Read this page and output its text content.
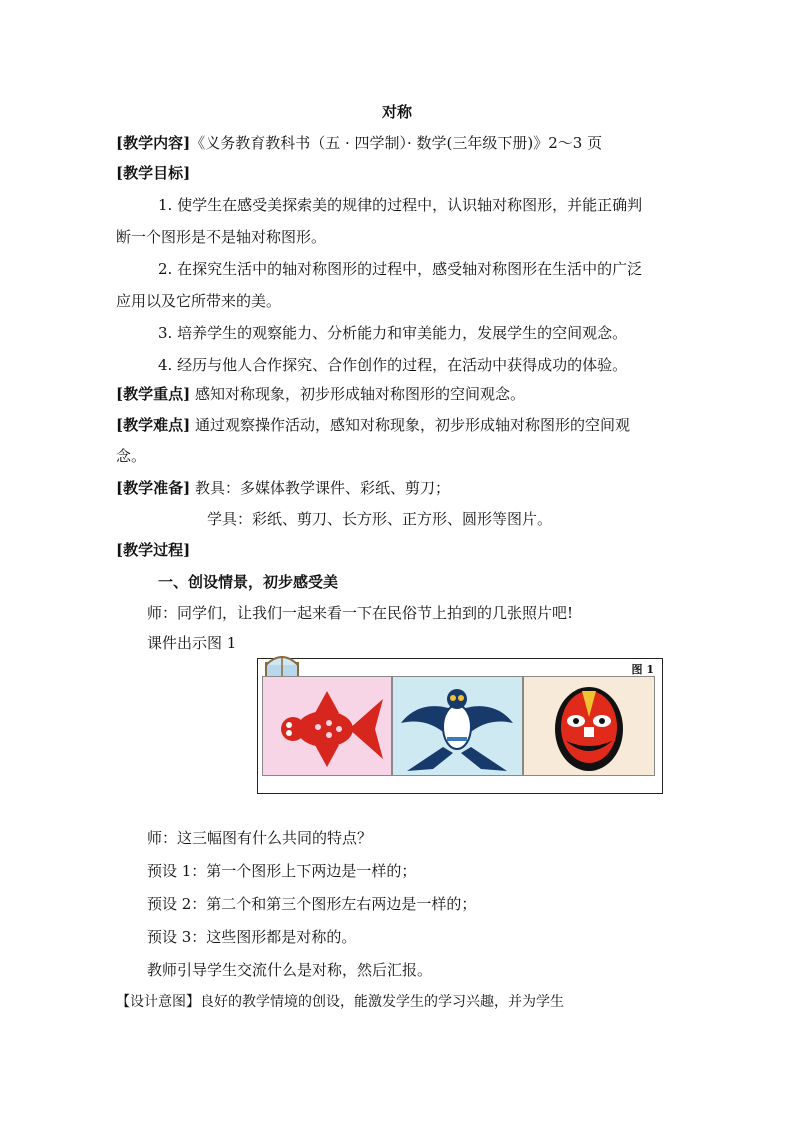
对称
[教学内容]《义务教育教科书（五 · 四学制）· 数学(三年级下册)》2～3 页
[教学目标]
1. 使学生在感受美探索美的规律的过程中，认识轴对称图形，并能正确判
断一个图形是不是轴对称图形。
2. 在探究生活中的轴对称图形的过程中，感受轴对称图形在生活中的广泛
应用以及它所带来的美。
3. 培养学生的观察能力、分析能力和审美能力，发展学生的空间观念。
4. 经历与他人合作探究、合作创作的过程，在活动中获得成功的体验。
[教学重点] 感知对称现象，初步形成轴对称图形的空间观念。
[教学难点] 通过观察操作活动，感知对称现象，初步形成轴对称图形的空间观
念。
[教学准备] 教具：多媒体教学课件、彩纸、剪刀；
学具：彩纸、剪刀、长方形、正方形、圆形等图片。
[教学过程]
一、创设情景，初步感受美
师：同学们，让我们一起来看一下在民俗节上拍到的几张照片吧!
课件出示图 1
图 1
师：这三幅图有什么共同的特点？
预设 1：第一个图形上下两边是一样的；
预设 2：第二个和第三个图形左右两边是一样的；
预设 3：这些图形都是对称的。
教师引导学生交流什么是对称，然后汇报。
【设计意图】良好的教学情境的创设，能激发学生的学习兴趣，并为学生
